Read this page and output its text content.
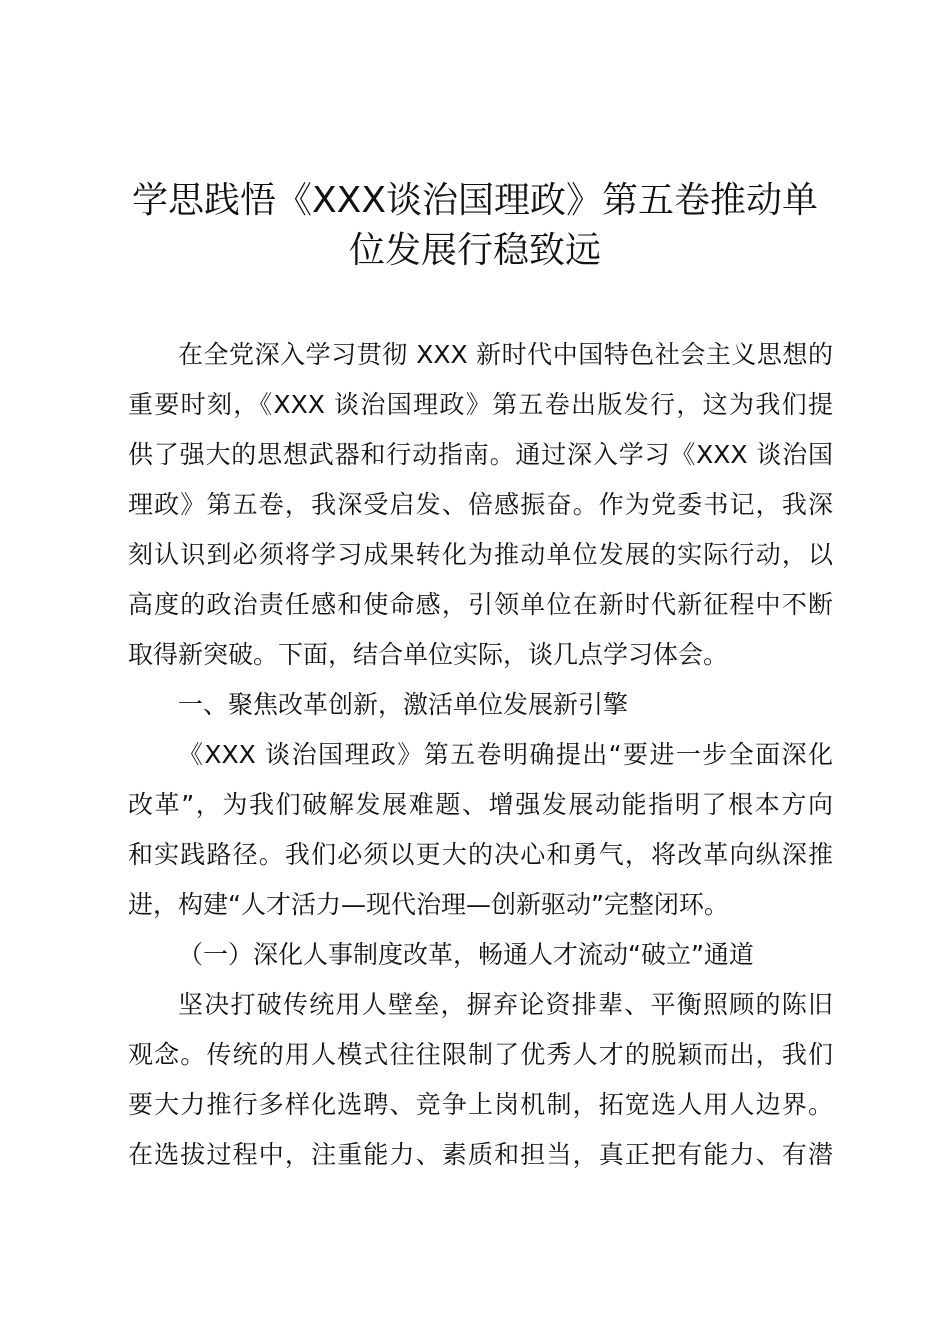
学思践悟《XXX谈治国理政》第五卷推动单
位发展行稳致远
在全党深入学习贯彻 XXX 新时代中国特色社会主义思想的
重要时刻，《XXX 谈治国理政》第五卷出版发行，这为我们提
供了强大的思想武器和行动指南。通过深入学习《XXX 谈治国
理政》第五卷，我深受启发、倍感振奋。作为党委书记，我深
刻认识到必须将学习成果转化为推动单位发展的实际行动，以
高度的政治责任感和使命感，引领单位在新时代新征程中不断
取得新突破。下面，结合单位实际，谈几点学习体会。
一、聚焦改革创新，激活单位发展新引擎
《XXX 谈治国理政》第五卷明确提出“要进一步全面深化
改革”，为我们破解发展难题、增强发展动能指明了根本方向
和实践路径。我们必须以更大的决心和勇气，将改革向纵深推
进，构建“人才活力—现代治理—创新驱动”完整闭环。
（一）深化人事制度改革，畅通人才流动“破立”通道
坚决打破传统用人壁垒，摒弃论资排辈、平衡照顾的陈旧
观念。传统的用人模式往往限制了优秀人才的脱颖而出，我们
要大力推行多样化选聘、竞争上岗机制，拓宽选人用人边界。
在选拔过程中，注重能力、素质和担当，真正把有能力、有潜
